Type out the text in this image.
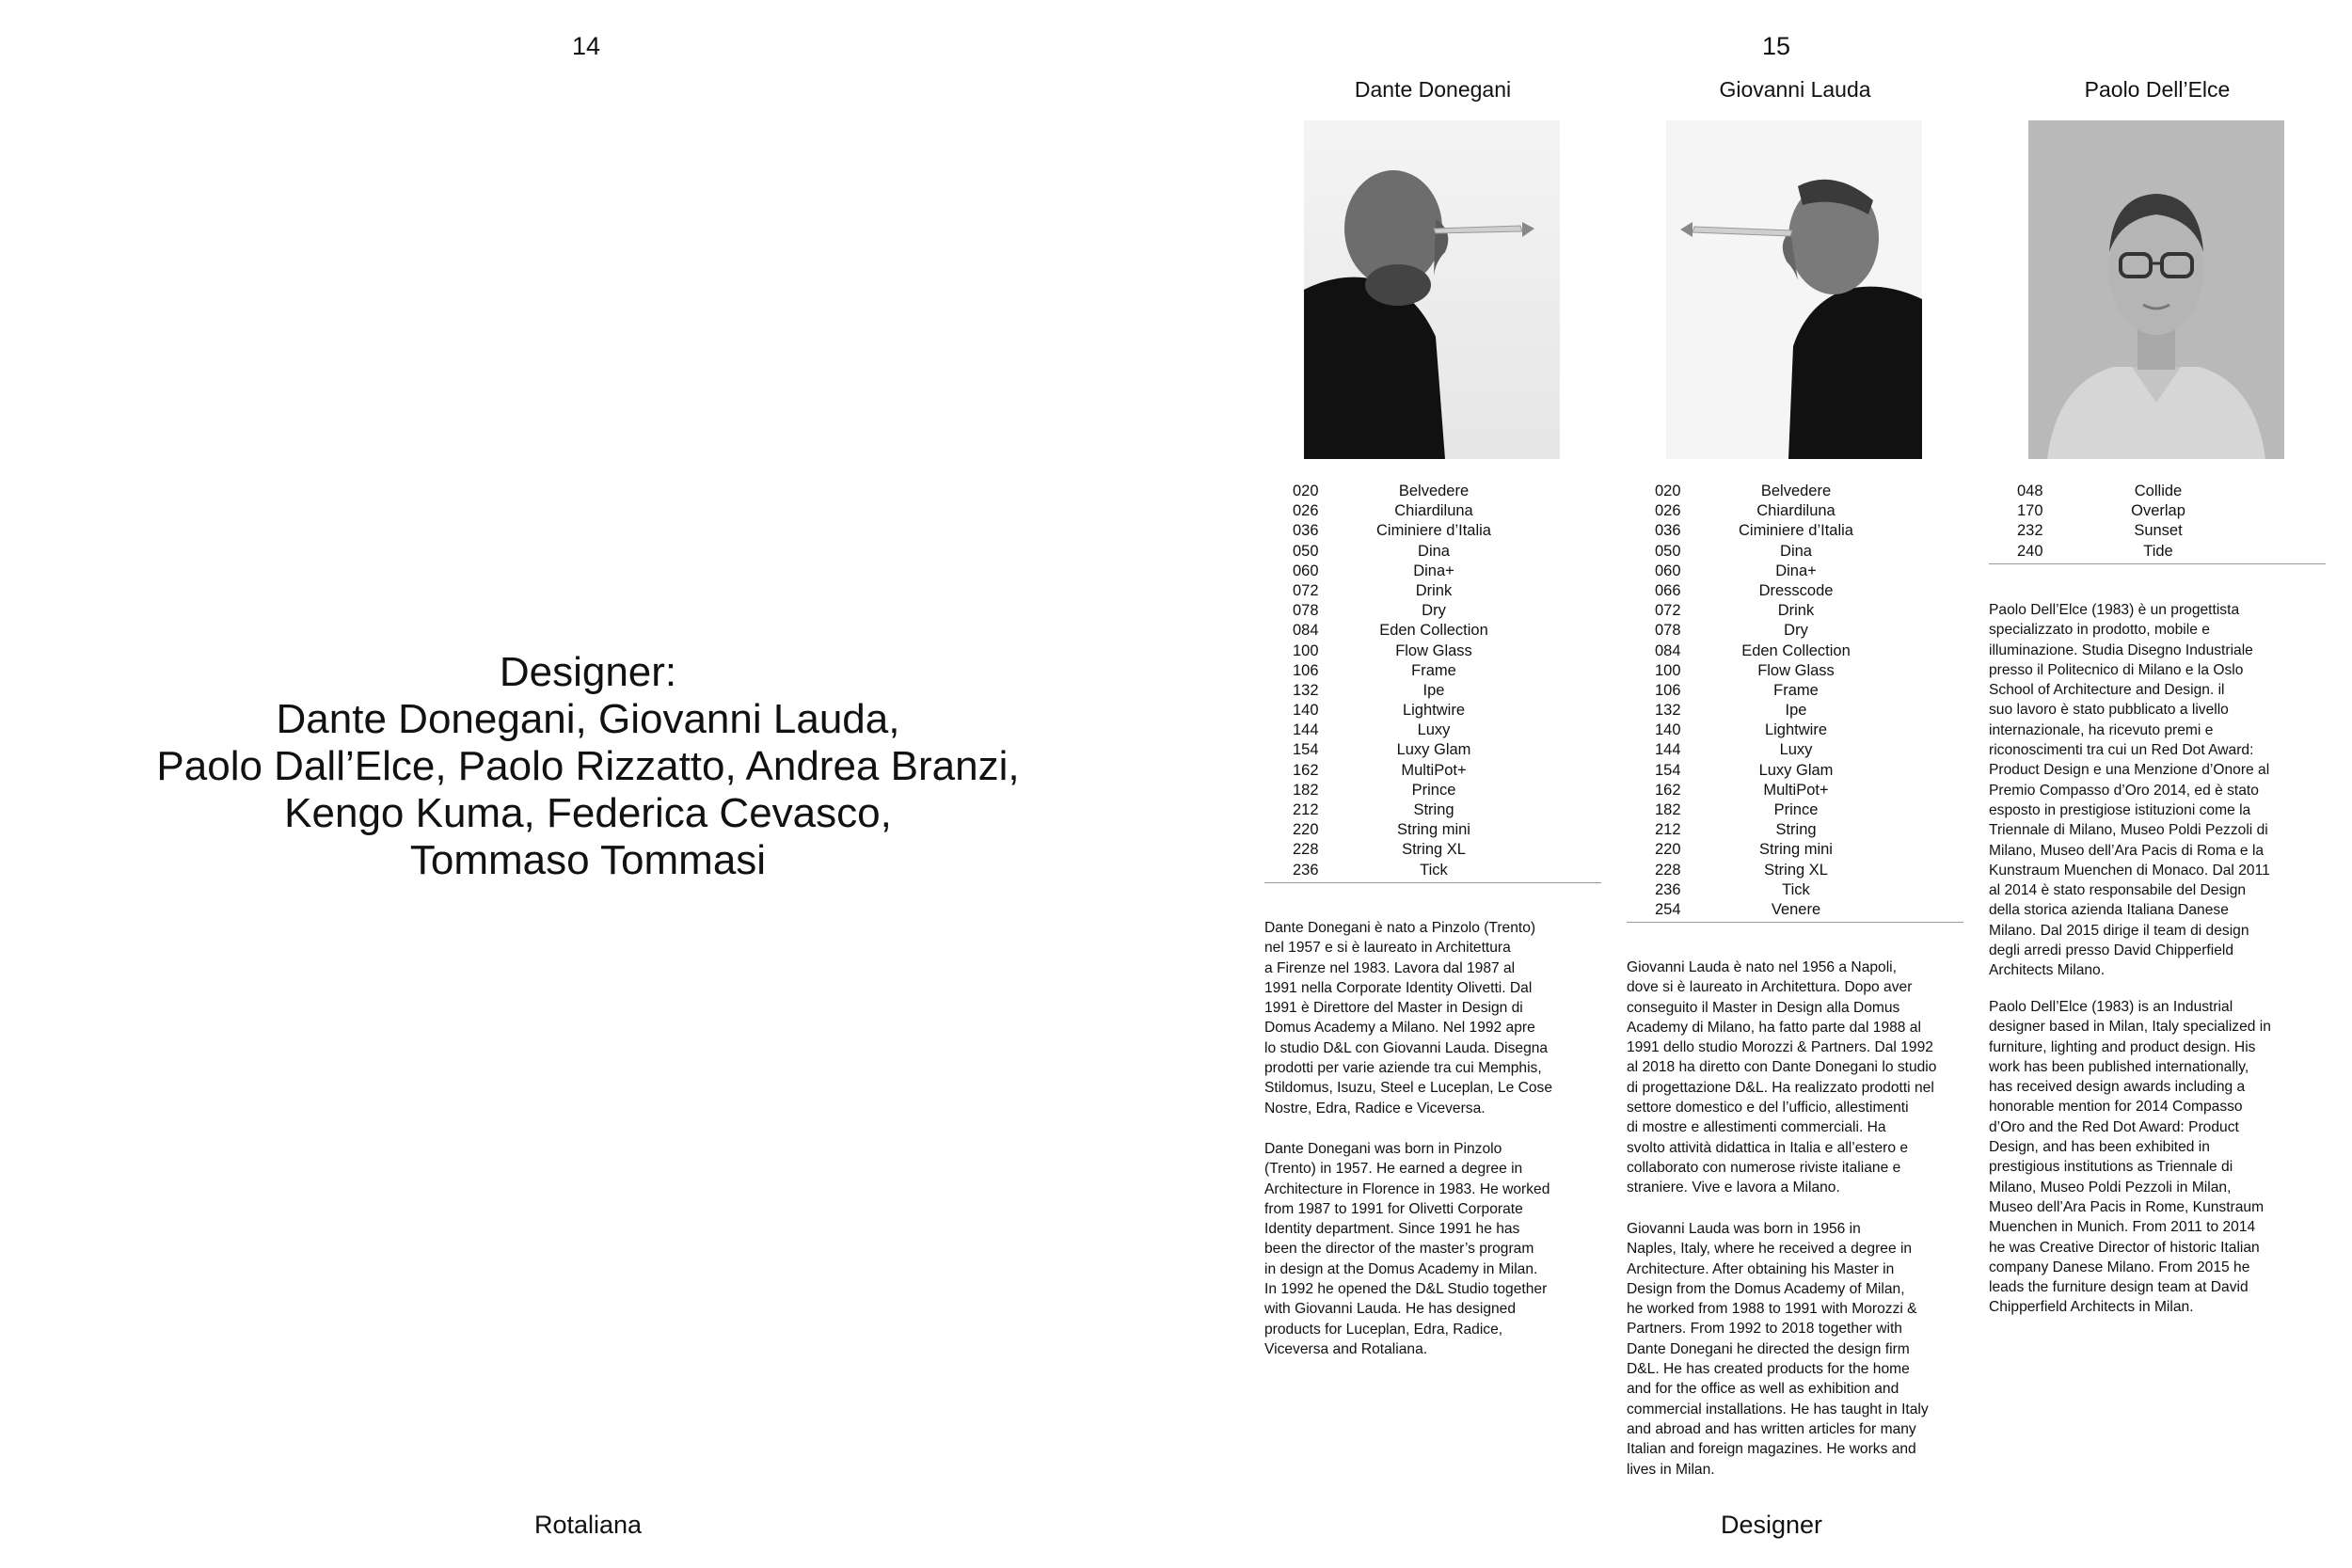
14
Designer:
Dante Donegani, Giovanni Lauda,
Paolo Dall’Elce, Paolo Rizzatto, Andrea Branzi,
Kengo Kuma, Federica Cevasco,
Tommaso Tommasi
Rotaliana
15
Dante Donegani
020	Belvedere
026	Chiardiluna
036	Ciminiere d’Italia
050	Dina
060	Dina+
072	Drink
078	Dry
084	Eden Collection
100	Flow Glass
106	Frame
132	Ipe
140	Lightwire
144	Luxy
154	Luxy Glam
162	MultiPot+
182	Prince
212	String
220	String mini
228	String XL
236	Tick
Dante Donegani è nato a Pinzolo (Trento)
nel 1957 e si è laureato in Architettura
a Firenze nel 1983. Lavora dal 1987 al
1991 nella Corporate Identity Olivetti. Dal
1991 è Direttore del Master in Design di
Domus Academy a Milano. Nel 1992 apre
lo studio D&L con Giovanni Lauda. Disegna
prodotti per varie aziende tra cui Memphis,
Stildomus, Isuzu, Steel e Luceplan, Le Cose
Nostre, Edra, Radice e Viceversa.
Dante Donegani was born in Pinzolo
(Trento) in 1957. He earned a degree in
Architecture in Florence in 1983. He worked
from 1987 to 1991 for Olivetti Corporate
Identity department. Since 1991 he has
been the director of the master’s program
in design at the Domus Academy in Milan.
In 1992 he opened the D&L Studio together
with Giovanni Lauda. He has designed
products for Luceplan, Edra, Radice,
Viceversa and Rotaliana.
Giovanni Lauda
020	Belvedere
026	Chiardiluna
036	Ciminiere d’Italia
050	Dina
060	Dina+
066	Dresscode
072	Drink
078	Dry
084	Eden Collection
100	Flow Glass
106	Frame
132	Ipe
140	Lightwire
144	Luxy
154	Luxy Glam
162	MultiPot+
182	Prince
212	String
220	String mini
228	String XL
236	Tick
254	Venere
Giovanni Lauda è nato nel 1956 a Napoli,
dove si è laureato in Architettura. Dopo aver
conseguito il Master in Design alla Domus
Academy di Milano, ha fatto parte dal 1988 al
1991 dello studio Morozzi & Partners. Dal 1992
al 2018 ha diretto con Dante Donegani lo studio
di progettazione D&L. Ha realizzato prodotti nel
settore domestico e del l’ufficio, allestimenti
di mostre e allestimenti commerciali. Ha
svolto attività didattica in Italia e all’estero e
collaborato con numerose riviste italiane e
straniere. Vive e lavora a Milano.
Giovanni Lauda was born in 1956 in
Naples, Italy, where he received a degree in
Architecture. After obtaining his Master in
Design from the Domus Academy of Milan,
he worked from 1988 to 1991 with Morozzi &
Partners. From 1992 to 2018 together with
Dante Donegani he directed the design firm
D&L. He has created products for the home
and for the office as well as exhibition and
commercial installations. He has taught in Italy
and abroad and has written articles for many
Italian and foreign magazines. He works and
lives in Milan.
Paolo Dell’Elce
048	Collide
170	Overlap
232	Sunset
240	Tide
Paolo Dell’Elce (1983) è un progettista
specializzato in prodotto, mobile e
illuminazione. Studia Disegno Industriale
presso il Politecnico di Milano e la Oslo
School of Architecture and Design. il
suo lavoro è stato pubblicato a livello
internazionale, ha ricevuto premi e
riconoscimenti tra cui un Red Dot Award:
Product Design e una Menzione d’Onore al
Premio Compasso d’Oro 2014, ed è stato
esposto in prestigiose istituzioni come la
Triennale di Milano, Museo Poldi Pezzoli di
Milano, Museo dell’Ara Pacis di Roma e la
Kunstraum Muenchen di Monaco. Dal 2011
al 2014 è stato responsabile del Design
della storica azienda Italiana Danese
Milano. Dal 2015 dirige il team di design
degli arredi presso David Chipperfield
Architects Milano.
Paolo Dell’Elce (1983) is an Industrial
designer based in Milan, Italy specialized in
furniture, lighting and product design. His
work has been published internationally,
has received design awards including a
honorable mention for 2014 Compasso
d’Oro and the Red Dot Award: Product
Design, and has been exhibited in
prestigious institutions as Triennale di
Milano, Museo Poldi Pezzoli in Milan,
Museo dell’Ara Pacis in Rome, Kunstraum
Muenchen in Munich. From 2011 to 2014
he was Creative Director of historic Italian
company Danese Milano. From 2015 he
leads the furniture design team at David
Chipperfield Architects in Milan.
Designer
